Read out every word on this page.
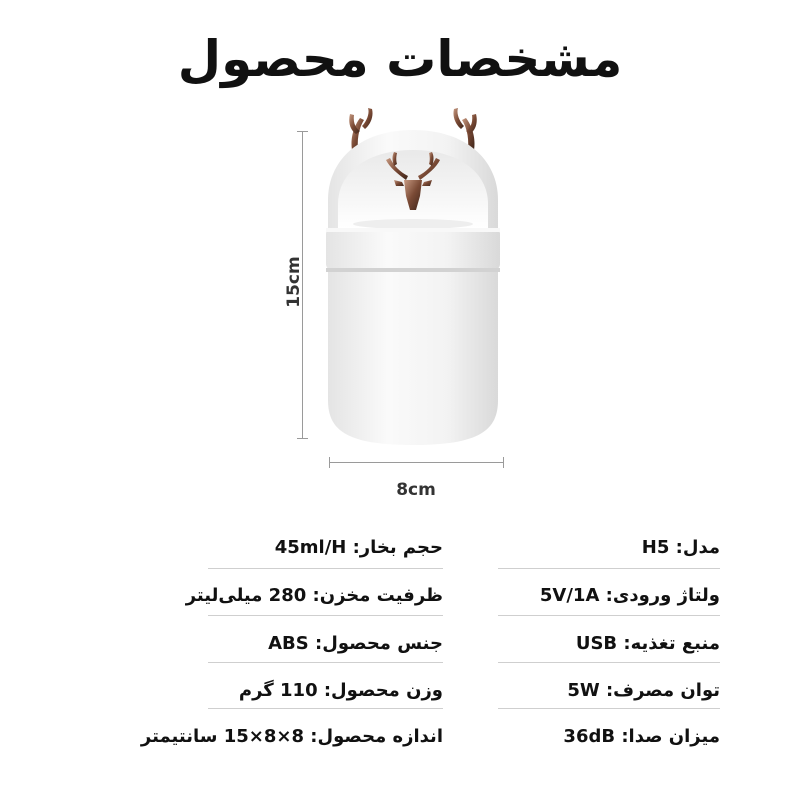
مشخصات محصول
15cm
8cm
مدل: H5
حجم بخار: 45ml/H
ولتاژ ورودی: 5V/1A
ظرفیت مخزن: 280 میلی‌لیتر
منبع تغذیه: USB
جنس محصول: ABS
توان مصرف: 5W
وزن محصول: 110 گرم
میزان صدا: 36dB
اندازه محصول: 8×8×15 سانتیمتر
